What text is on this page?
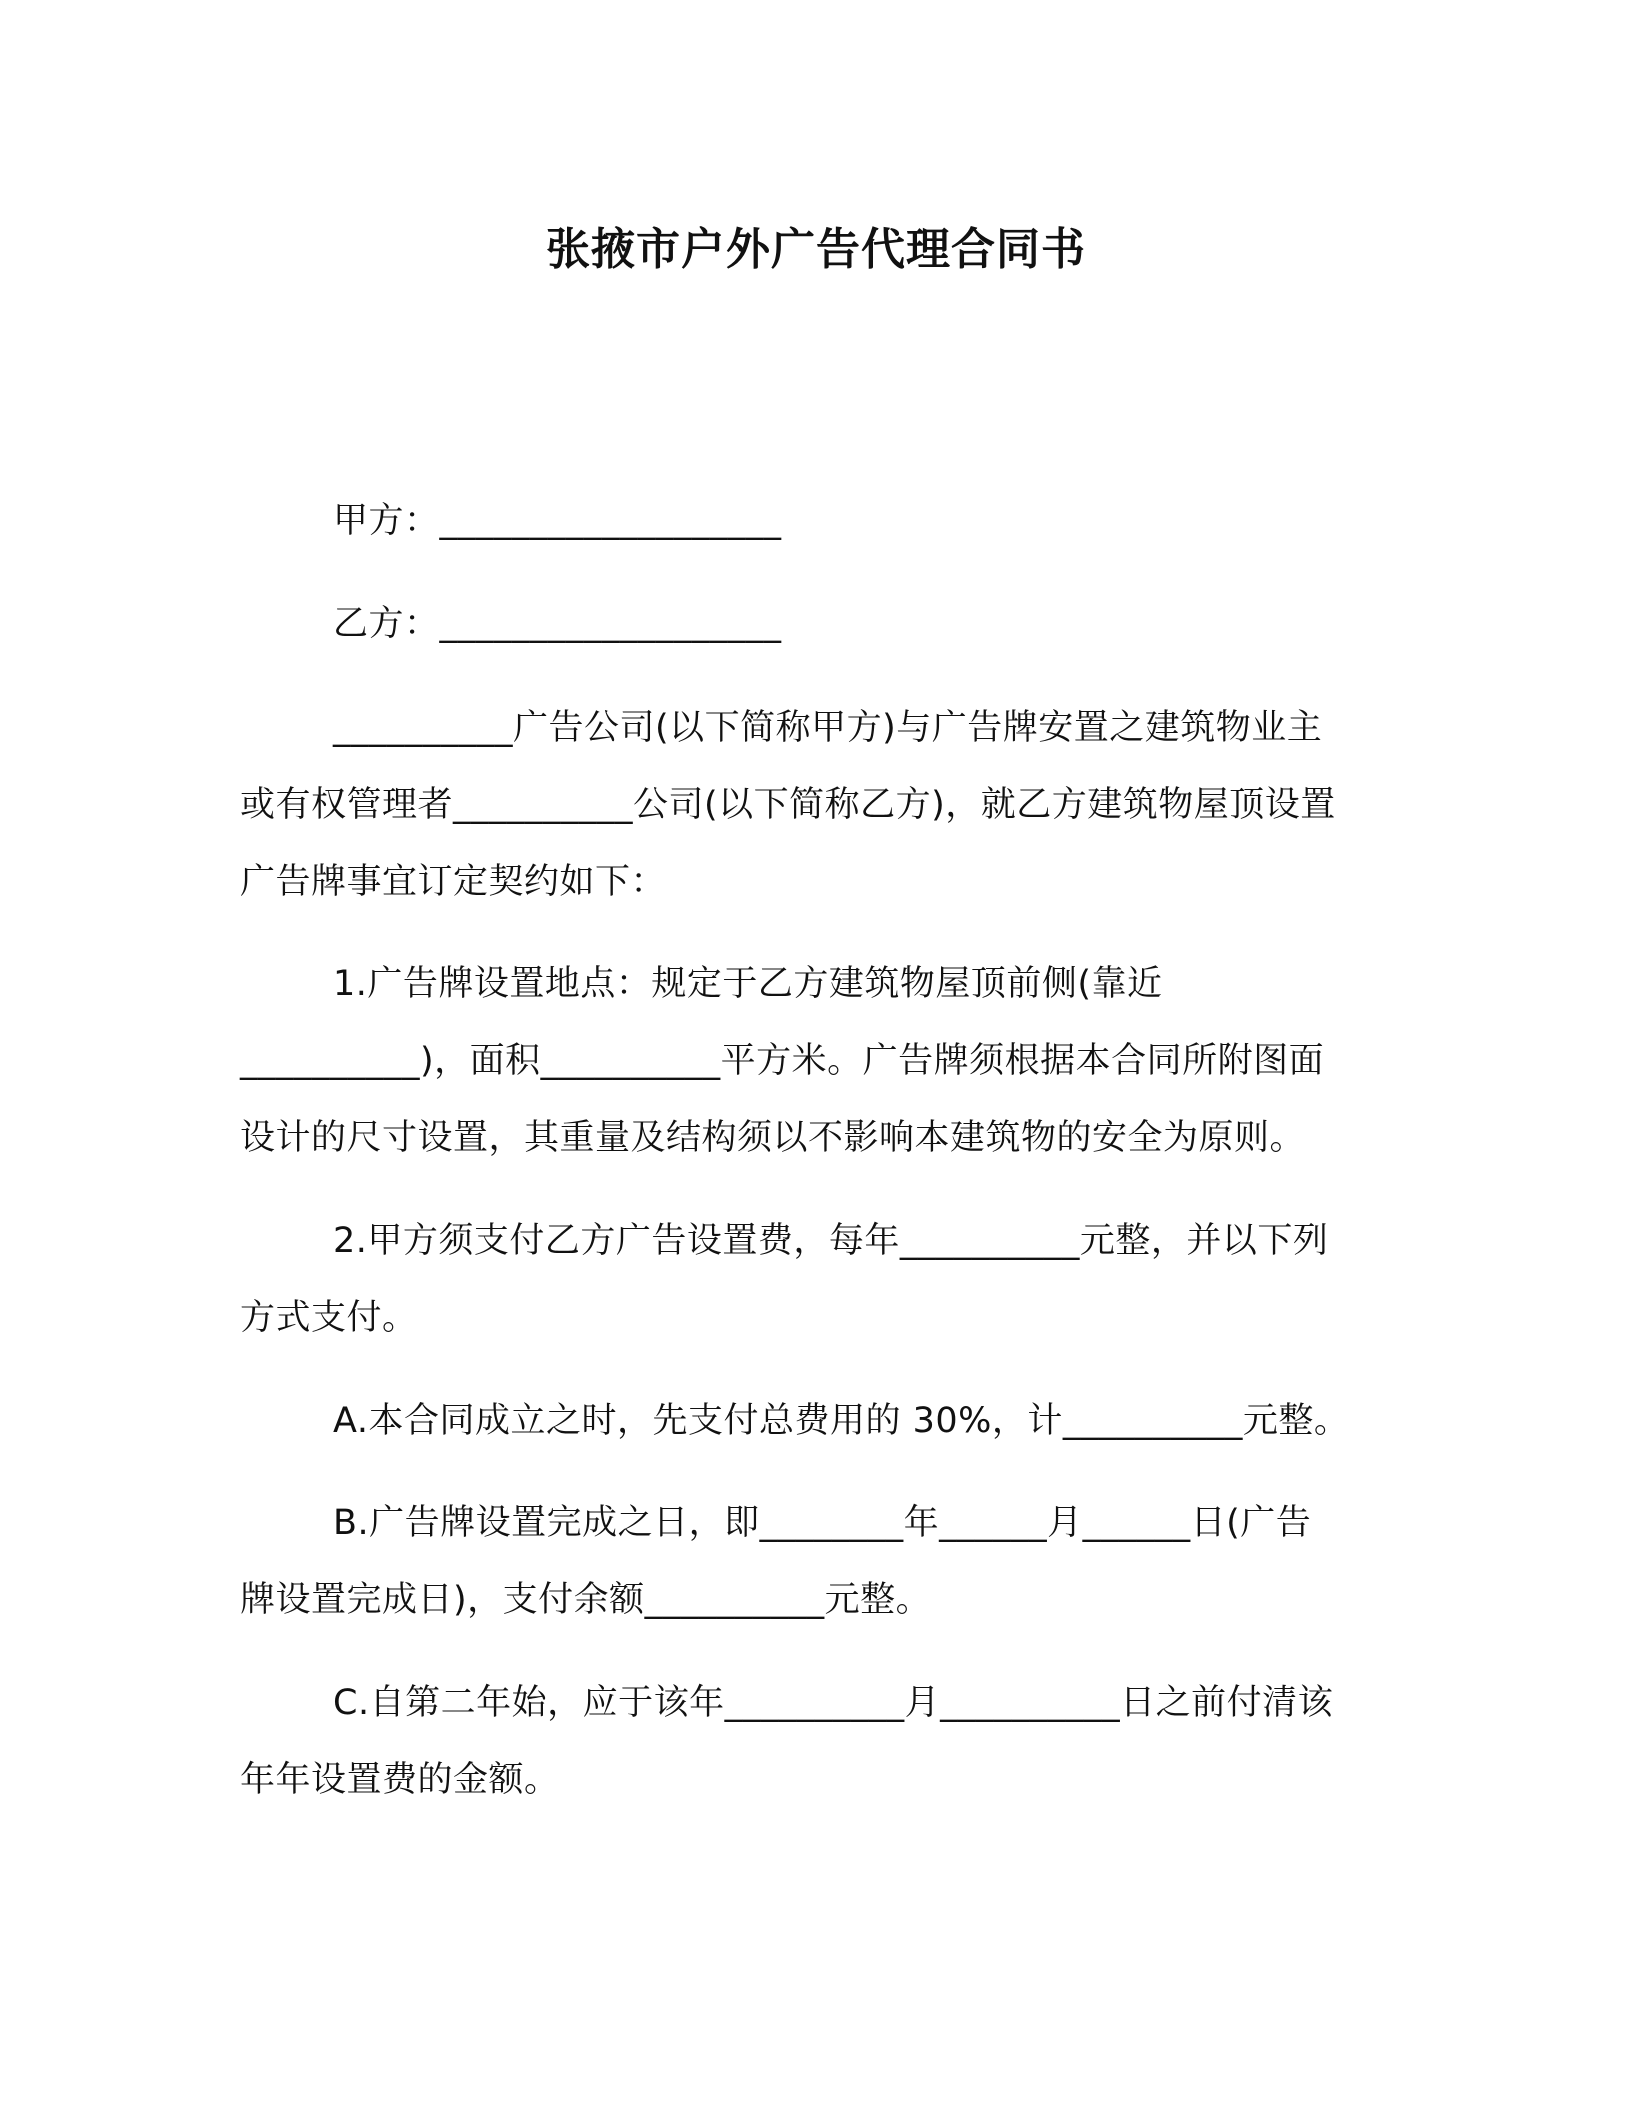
张掖市户外广告代理合同书
甲方：___________________
乙方：___________________
__________广告公司(以下简称甲方)与广告牌安置之建筑物业主
或有权管理者__________公司(以下简称乙方)，就乙方建筑物屋顶设置
广告牌事宜订定契约如下：
1.广告牌设置地点：规定于乙方建筑物屋顶前侧(靠近
__________)，面积__________平方米。广告牌须根据本合同所附图面
设计的尺寸设置，其重量及结构须以不影响本建筑物的安全为原则。
2.甲方须支付乙方广告设置费，每年__________元整，并以下列
方式支付。
A.本合同成立之时，先支付总费用的 30%，计__________元整。
B.广告牌设置完成之日，即________年______月______日(广告
牌设置完成日)，支付余额__________元整。
C.自第二年始，应于该年__________月__________日之前付清该
年年设置费的金额。
